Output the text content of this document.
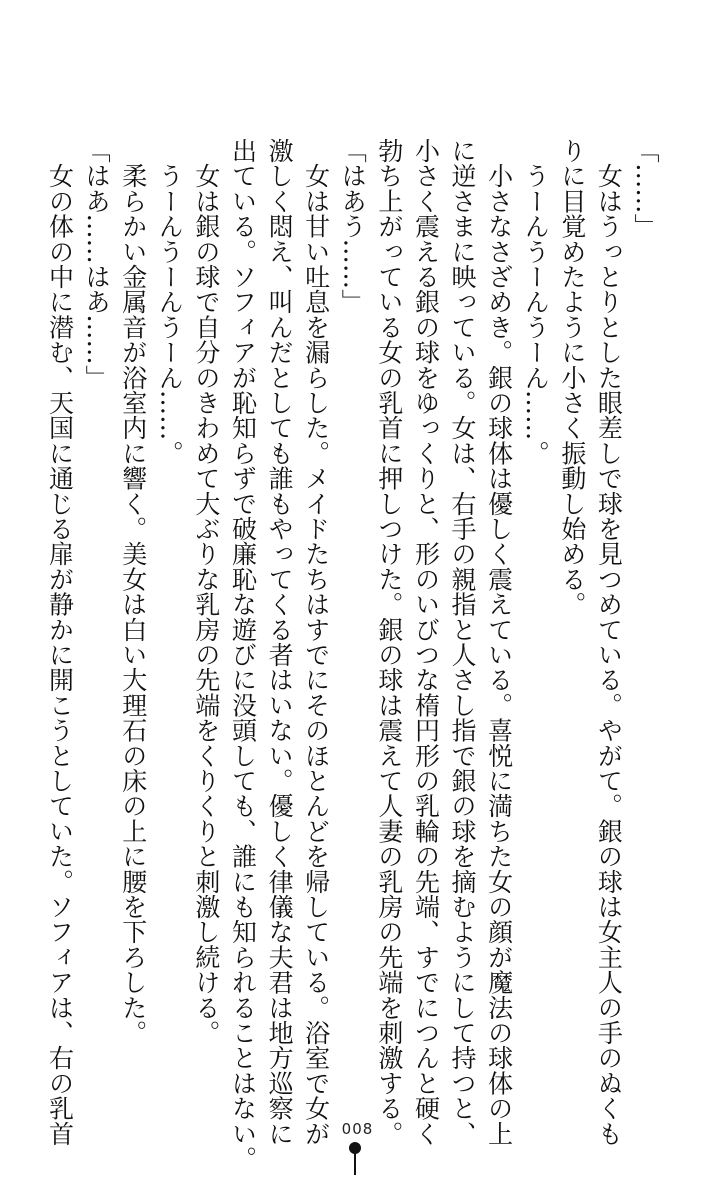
「……」
　女はうっとりとした眼差しで球を見つめている。やがて。銀の球は女主人の手のぬくも
りに目覚めたように小さく振動し始める。
　うーんうーんうーん……。
　小さなさざめき。銀の球体は優しく震えている。喜悦に満ちた女の顔が魔法の球体の上
に逆さまに映っている。女は、右手の親指と人さし指で銀の球を摘むようにして持つと、
小さく震える銀の球をゆっくりと、形のいびつな楕円形の乳輪の先端、すでにつんと硬く
勃ち上がっている女の乳首に押しつけた。銀の球は震えて人妻の乳房の先端を刺激する。
「はあう……」
　女は甘い吐息を漏らした。メイドたちはすでにそのほとんどを帰している。浴室で女が
激しく悶え、叫んだとしても誰もやってくる者はいない。優しく律儀な夫君は地方巡察に
出ている。ソフィアが恥知らずで破廉恥な遊びに没頭しても、誰にも知られることはない。
　女は銀の球で自分のきわめて大ぶりな乳房の先端をくりくりと刺激し続ける。
　うーんうーんうーん……。
　柔らかい金属音が浴室内に響く。美女は白い大理石の床の上に腰を下ろした。
「はあ……はあ……」
　女の体の中に潜む、天国に通じる扉が静かに開こうとしていた。ソフィアは、右の乳首	008
